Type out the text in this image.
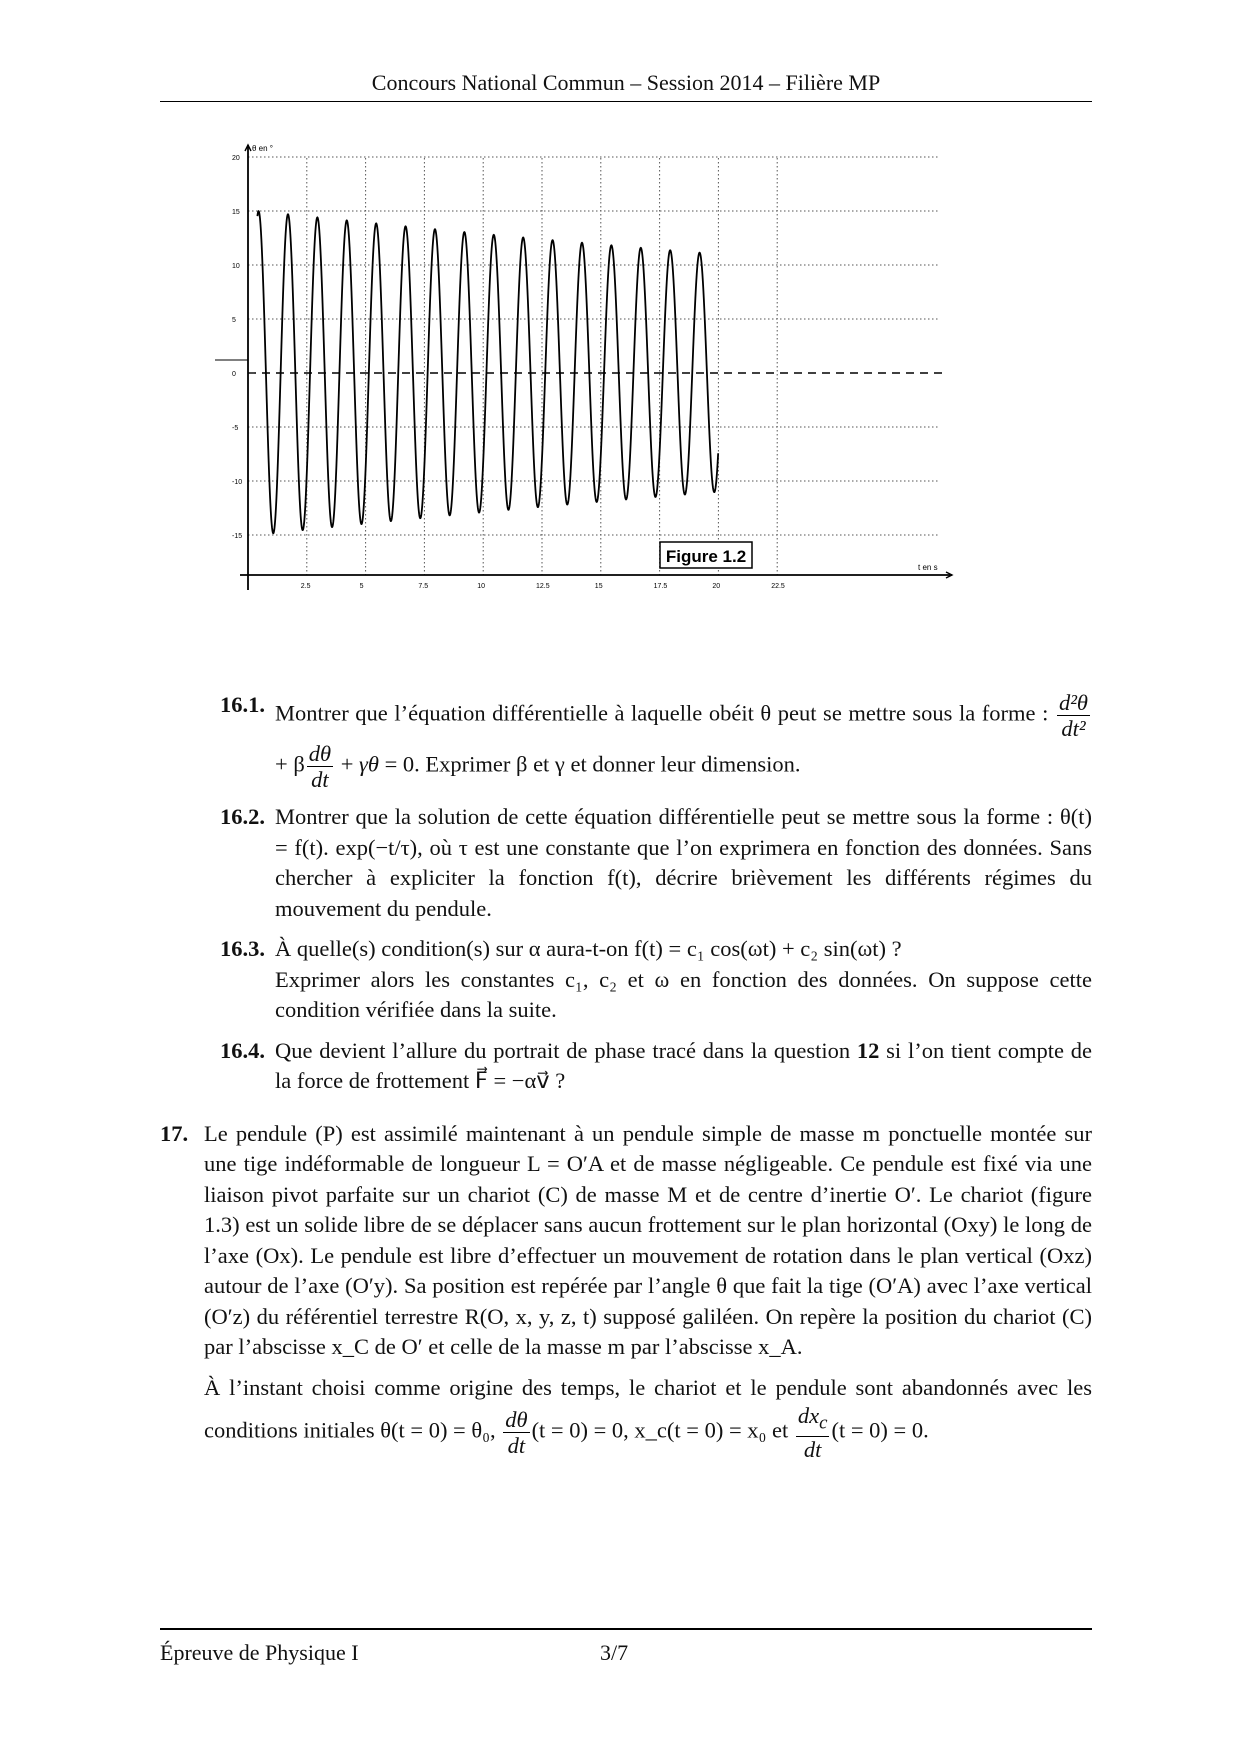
Concours National Commun – Session 2014 – Filière MP
20
15
10
5
0
-5
-10
-15
2.5	5	7.5	10	12.5	15	17.5	20	22.5
Figure 1.2
θ en °
t en s
16.1. Montrer que l’équation différentielle à laquelle obéit θ peut se mettre sous la forme : $\frac{\text{d²θ}}{\text{dt²}}$
+ β $\frac{d\theta}{dt} + \gamma\theta = 0$. Exprimer β et γ et donner leur dimension.
16.2. Montrer que la solution de cette équation différentielle peut se mettre sous la forme : θ(t) = f(t). exp(−t/τ), où τ est une constante que l’on exprimera en fonction des données. Sans chercher à expliciter la fonction f(t), décrire brièvement les différents régimes du mouvement du pendule.
16.3. À quelle(s) condition(s) sur α aura-t-on f(t) = c₁ cos(ωt) + c₂ sin(ωt) ?
Exprimer alors les constantes c₁, c₂ et ω en fonction des données. On suppose cette condition vérifiée dans la suite.
16.4. Que devient l’allure du portrait de phase tracé dans la question 12 si l’on tient compte de la force de frottement F⃗ = −αv⃗ ?
17. Le pendule (P) est assimilé maintenant à un pendule simple de masse m ponctuelle montée sur une tige indéformable de longueur L = O′A et de masse négligeable. Ce pendule est fixé via une liaison pivot parfaite sur un chariot (C) de masse M et de centre d’inertie O′. Le chariot (figure 1.3) est un solide libre de se déplacer sans aucun frottement sur le plan horizontal (Oxy) le long de l’axe (Ox). Le pendule est libre d’effectuer un mouvement de rotation dans le plan vertical (Oxz) autour de l’axe (O′y). Sa position est repérée par l’angle θ que fait la tige (O′A) avec l’axe vertical (O′z) du référentiel terrestre R(O, x, y, z, t) supposé galiléen. On repère la position du chariot (C) par l’abscisse x_C de O′ et celle de la masse m par l’abscisse x_A.

À l’instant choisi comme origine des temps, le chariot et le pendule sont abandonnés avec les conditions initiales θ(t = 0) = θ₀, $\frac{d\theta}{dt} (t = 0) = 0$, x_c(t = 0) = x₀ et $\frac{dx_c}{dt} (t = 0) = 0$.

Épreuve de Physique I	3/7
